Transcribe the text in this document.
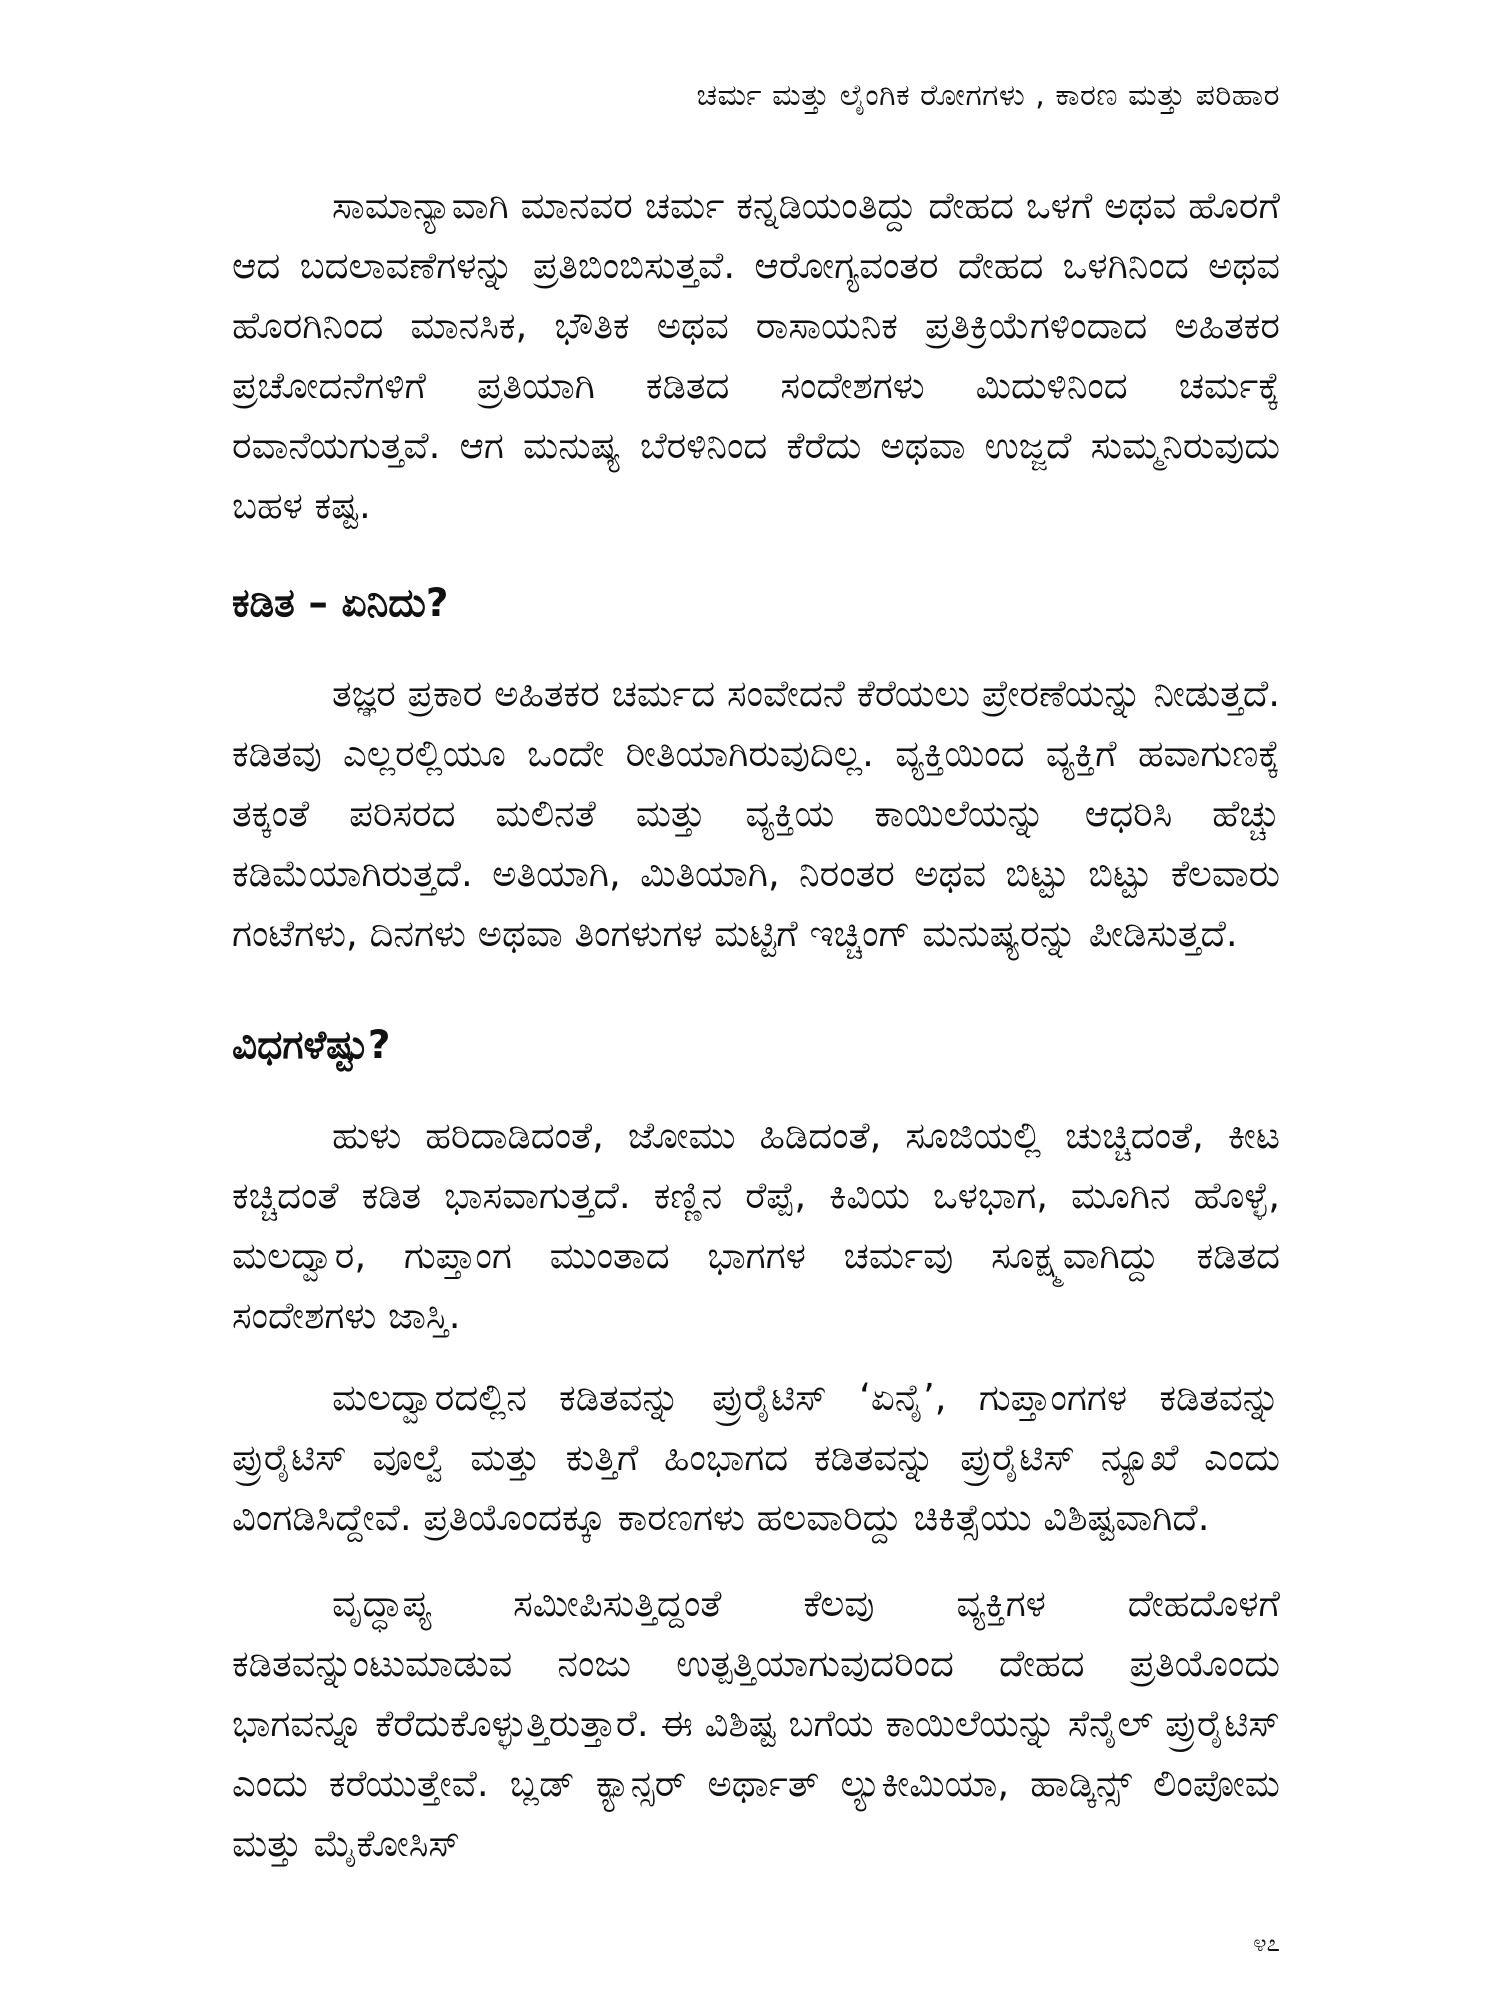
ಚರ್ಮ ಮತ್ತು ಲೈಂಗಿಕ ರೋಗಗಳು , ಕಾರಣ ಮತ್ತು ಪರಿಹಾರ

ಸಾಮಾನ್ಯಾವಾಗಿ ಮಾನವರ ಚರ್ಮ ಕನ್ನಡಿಯಂತಿದ್ದು ದೇಹದ ಒಳಗೆ ಅಥವ ಹೊರಗೆ ಆದ ಬದಲಾವಣೆಗಳನ್ನು ಪ್ರತಿಬಿಂಬಿಸುತ್ತವೆ. ಆರೋಗ್ಯವಂತರ ದೇಹದ ಒಳಗಿನಿಂದ ಅಥವ ಹೊರಗಿನಿಂದ ಮಾನಸಿಕ, ಭೌತಿಕ ಅಥವ ರಾಸಾಯನಿಕ ಪ್ರತಿಕ್ರಿಯೆಗಳಿಂದಾದ ಅಹಿತಕರ ಪ್ರಚೋದನೆಗಳಿಗೆ ಪ್ರತಿಯಾಗಿ ಕಡಿತದ ಸಂದೇಶಗಳು ಮಿದುಳಿನಿಂದ ಚರ್ಮಕ್ಕೆ ರವಾನೆಯಗುತ್ತವೆ. ಆಗ ಮನುಷ್ಯ ಬೆರಳಿನಿಂದ ಕೆರೆದು ಅಥವಾ ಉಜ್ಜದೆ ಸುಮ್ಮನಿರುವುದು ಬಹಳ ಕಷ್ಟ.

ಕಡಿತ – ಏನಿದು?

ತಜ್ಞರ ಪ್ರಕಾರ ಅಹಿತಕರ ಚರ್ಮದ ಸಂವೇದನೆ ಕೆರೆಯಲು ಪ್ರೇರಣೆಯನ್ನು ನೀಡುತ್ತದೆ. ಕಡಿತವು ಎಲ್ಲರಲ್ಲಿಯೂ ಒಂದೇ ರೀತಿಯಾಗಿರುವುದಿಲ್ಲ. ವ್ಯಕ್ತಿಯಿಂದ ವ್ಯಕ್ತಿಗೆ ಹವಾಗುಣಕ್ಕೆ ತಕ್ಕಂತೆ ಪರಿಸರದ ಮಲಿನತೆ ಮತ್ತು ವ್ಯಕ್ತಿಯ ಕಾಯಿಲೆಯನ್ನು ಆಧರಿಸಿ ಹೆಚ್ಚು ಕಡಿಮೆಯಾಗಿರುತ್ತದೆ. ಅತಿಯಾಗಿ, ಮಿತಿಯಾಗಿ, ನಿರಂತರ ಅಥವ ಬಿಟ್ಟು ಬಿಟ್ಟು ಕೆಲವಾರು ಗಂಟೆಗಳು, ದಿನಗಳು ಅಥವಾ ತಿಂಗಳುಗಳ ಮಟ್ಟಿಗೆ ಇಚ್ಚಿಂಗ್ ಮನುಷ್ಯರನ್ನು ಪೀಡಿಸುತ್ತದೆ.

ವಿಧಗಳೆಷ್ಟು?

ಹುಳು ಹರಿದಾಡಿದಂತೆ, ಜೋಮು ಹಿಡಿದಂತೆ, ಸೂಜಿಯಲ್ಲಿ ಚುಚ್ಚಿದಂತೆ, ಕೀಟ ಕಚ್ಚಿದಂತೆ ಕಡಿತ ಭಾಸವಾಗುತ್ತದೆ. ಕಣ್ಣಿನ ರೆಪ್ಪೆ, ಕಿವಿಯ ಒಳಭಾಗ, ಮೂಗಿನ ಹೊಳ್ಳೆ, ಮಲದ್ವಾರ, ಗುಪ್ತಾಂಗ ಮುಂತಾದ ಭಾಗಗಳ ಚರ್ಮವು ಸೂಕ್ಷ್ಮವಾಗಿದ್ದು ಕಡಿತದ ಸಂದೇಶಗಳು ಜಾಸ್ತಿ.

ಮಲದ್ವಾರದಲ್ಲಿನ ಕಡಿತವನ್ನು ಪ್ರುರೈಟಿಸ್ ‘ಏನೈ’, ಗುಪ್ತಾಂಗಗಳ ಕಡಿತವನ್ನು ಪ್ರುರೈಟಿಸ್ ವೂಲ್ವೆ ಮತ್ತು ಕುತ್ತಿಗೆ ಹಿಂಭಾಗದ ಕಡಿತವನ್ನು ಪ್ರುರೈಟಿಸ್ ನ್ಯೂಖೆ ಎಂದು ವಿಂಗಡಿಸಿದ್ದೇವೆ. ಪ್ರತಿಯೊಂದಕ್ಕೂ ಕಾರಣಗಳು ಹಲವಾರಿದ್ದು ಚಿಕಿತ್ಸೆಯು ವಿಶಿಷ್ಟವಾಗಿದೆ.

ವೃದ್ಧಾಪ್ಯ ಸಮೀಪಿಸುತ್ತಿದ್ದಂತೆ ಕೆಲವು ವ್ಯಕ್ತಿಗಳ ದೇಹದೊಳಗೆ ಕಡಿತವನ್ನುಂಟುಮಾಡುವ ನಂಜು ಉತ್ಪತ್ತಿಯಾಗುವುದರಿಂದ ದೇಹದ ಪ್ರತಿಯೊಂದು ಭಾಗವನ್ನೂ ಕೆರೆದುಕೊಳ್ಳುತ್ತಿರುತ್ತಾರೆ. ಈ ವಿಶಿಷ್ಟ ಬಗೆಯ ಕಾಯಿಲೆಯನ್ನು ಸೆನೈಲ್ ಪ್ರುರೈಟಿಸ್ ಎಂದು ಕರೆಯುತ್ತೇವೆ. ಬ್ಲಡ್ ಕ್ಯಾನ್ಸರ್ ಅರ್ಥಾತ್ ಲ್ಯುಕೀಮಿಯಾ, ಹಾಡ್ಕಿನ್ಸ್ ಲಿಂಪೋಮ ಮತ್ತು ಮೈಕೋಸಿಸ್

೪೭
